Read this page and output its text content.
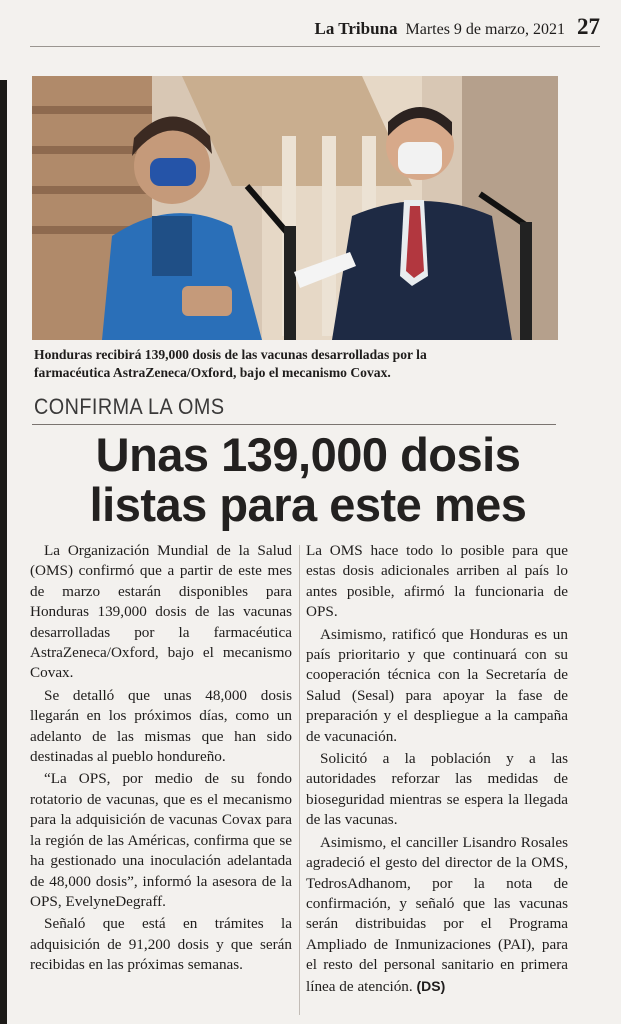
La Tribuna Martes 9 de marzo, 2021 27
Honduras recibirá 139,000 dosis de las vacunas desarrolladas por la
farmacéutica AstraZeneca/Oxford, bajo el mecanismo Covax.
CONFIRMA LA OMS
Unas 139,000 dosis
listas para este mes

La Organización Mundial de la Salud (OMS) confirmó que a partir de este mes de marzo estarán disponibles para Honduras 139,000 dosis de las vacunas desarrolladas por la farmacéutica AstraZeneca/Oxford, bajo el mecanismo Covax.

Se detalló que unas 48,000 dosis llegarán en los próximos días, como un adelanto de las mismas que han sido destinadas al pueblo hondureño.

“La OPS, por medio de su fondo rotatorio de vacunas, que es el mecanismo para la adquisición de vacunas Covax para la región de las Américas, confirma que se ha gestionado una inoculación adelantada de 48,000 dosis”, informó la asesora de la OPS, EvelyneDegraff.

Señaló que está en trámites la adquisición de 91,200 dosis y que serán recibidas en las próximas semanas.

La OMS hace todo lo posible para que estas dosis adicionales arriben al país lo antes posible, afirmó la funcionaria de OPS.

Asimismo, ratificó que Honduras es un país prioritario y que continuará con su cooperación técnica con la Secretaría de Salud (Sesal) para apoyar la fase de preparación y el despliegue a la campaña de vacunación.

Solicitó a la población y a las autoridades reforzar las medidas de bioseguridad mientras se espera la llegada de las vacunas.

Asimismo, el canciller Lisandro Rosales agradeció el gesto del director de la OMS, TedrosAdhanom, por la nota de confirmación, y señaló que las vacunas serán distribuidas por el Programa Ampliado de Inmunizaciones (PAI), para el resto del personal sanitario en primera línea de atención. (DS)
